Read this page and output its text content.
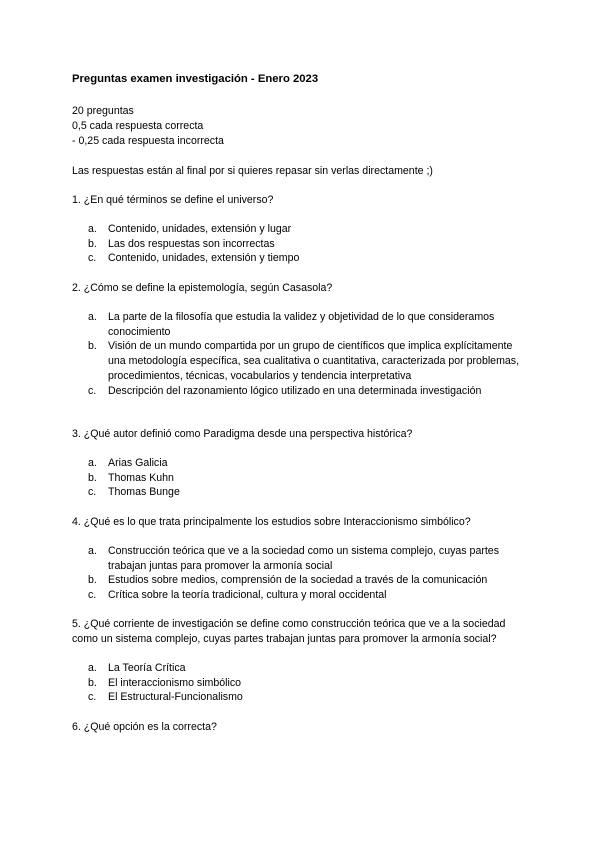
Preguntas examen investigación - Enero 2023
20 preguntas
0,5 cada respuesta correcta
- 0,25 cada respuesta incorrecta
Las respuestas están al final por si quieres repasar sin verlas directamente ;)
1. ¿En qué términos se define el universo?
a. Contenido, unidades, extensión y lugar
b. Las dos respuestas son incorrectas
c. Contenido, unidades, extensión y tiempo
2. ¿Cómo se define la epistemología, según Casasola?
a. La parte de la filosofía que estudia la validez y objetividad de lo que consideramos conocimiento
b. Visión de un mundo compartida por un grupo de científicos que implica explícitamente una metodología específica, sea cualitativa o cuantitativa, caracterizada por problemas, procedimientos, técnicas, vocabularios y tendencia interpretativa
c. Descripción del razonamiento lógico utilizado en una determinada investigación
3. ¿Qué autor definió como Paradigma desde una perspectiva histórica?
a. Arias Galicia
b. Thomas Kuhn
c. Thomas Bunge
4. ¿Qué es lo que trata principalmente los estudios sobre Interaccionismo simbólico?
a. Construcción teórica que ve a la sociedad como un sistema complejo, cuyas partes trabajan juntas para promover la armonía social
b. Estudios sobre medios, comprensión de la sociedad a través de la comunicación
c. Crítica sobre la teoría tradicional, cultura y moral occidental
5. ¿Qué corriente de investigación se define como construcción teórica que ve a la sociedad como un sistema complejo, cuyas partes trabajan juntas para promover la armonía social?
a. La Teoría Crítica
b. El interaccionismo simbólico
c. El Estructural-Funcionalismo
6. ¿Qué opción es la correcta?
